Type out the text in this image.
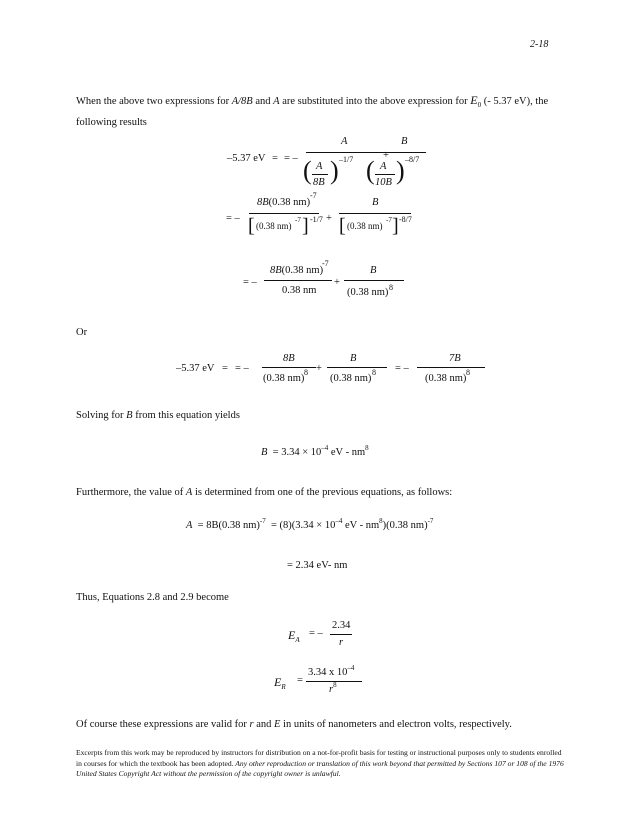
2-18
When the above two expressions for A/8B and A are substituted into the above expression for $E_0$ (- 5.37 eV), the
following results
–5.37 eV = = –
A
( A
8B ) –1/7	+
B
( A
10B ) –8/7
= –
8B(0.38 nm)
-7
[ (0.38 nm)
-7 ] -1/7 +
B
[ (0.38 nm)
-7 ] -8/7
= –
8B(0.38 nm)
-7
0.38 nm
+
B
(0.38 nm) 8
Or
–5.37 eV = = –
8B
(0.38 nm)
8 +
B
(0.38 nm)
8 = –
7B
(0.38 nm)
8
Solving for B from this equation yields
$B = 3.34 \times 10^{-4}$ eV - $nm^8$
Furthermore, the value of A is determined from one of the previous equations, as follows:
A = 8B(0.38 $nm)^{-7} = (8)(3.34 \times 10^{-4}$ eV - $nm^8)(0.38$ nm)$^{-7}$
= 2.34 eV- nm
Thus, Equations 2.8 and 2.9 become
$E_A$
= –
2.34
r
$E_R$
=
3.34 x $10^{-4}$
$r^8$
Of course these expressions are valid for r and E in units of nanometers and electron volts, respectively.
Excerpts from this work may be reproduced by instructors for distribution on a not-for-profit basis for testing or instructional purposes only to students enrolled in courses for which the textbook has been adopted. Any other reproduction or translation of this work beyond that permitted by Sections 107 or 108 of the 1976 United States Copyright Act without the permission of the copyright owner is unlawful.
